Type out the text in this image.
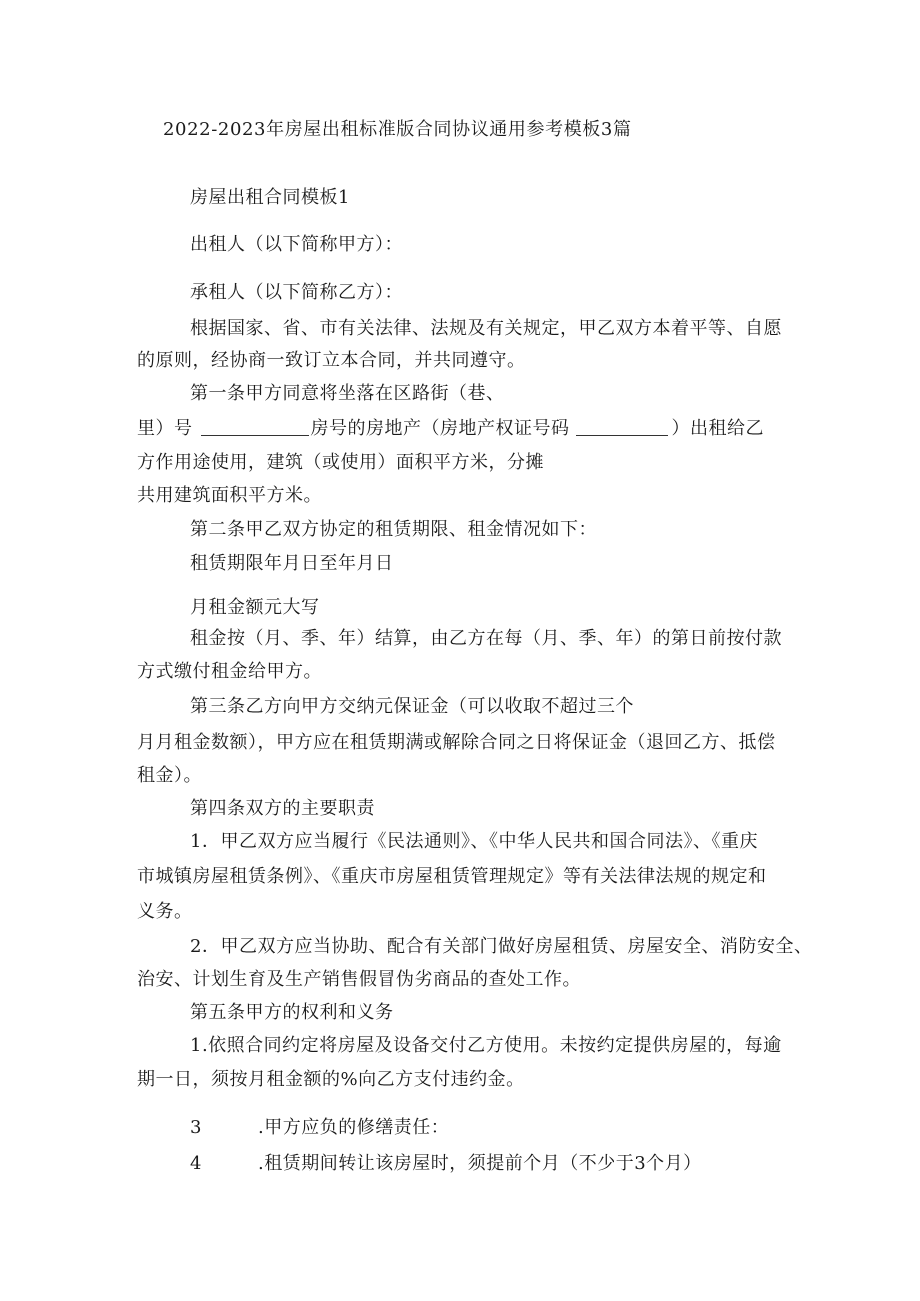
2022-2023年房屋出租标准版合同协议通用参考模板3篇
房屋出租合同模板1
出租人（以下简称甲方）：
承租人（以下简称乙方）：
根据国家、省、市有关法律、法规及有关规定，甲乙双方本着平等、自愿
的原则，经协商一致订立本合同，并共同遵守。
第一条甲方同意将坐落在区路街（巷、
里）号	房号的房地产（房地产权证号码	）出租给乙
方作用途使用，建筑（或使用）面积平方米，分摊
共用建筑面积平方米。
第二条甲乙双方协定的租赁期限、租金情况如下：
租赁期限年月日至年月日
月租金额元大写
租金按（月、季、年）结算，由乙方在每（月、季、年）的第日前按付款
方式缴付租金给甲方。
第三条乙方向甲方交纳元保证金（可以收取不超过三个
月月租金数额），甲方应在租赁期满或解除合同之日将保证金（退回乙方、抵偿
租金）。
第四条双方的主要职责
1．甲乙双方应当履行《民法通则》、《中华人民共和国合同法》、《重庆
市城镇房屋租赁条例》、《重庆市房屋租赁管理规定》等有关法律法规的规定和
义务。
2．甲乙双方应当协助、配合有关部门做好房屋租赁、房屋安全、消防安全、
治安、计划生育及生产销售假冒伪劣商品的查处工作。
第五条甲方的权利和义务
1.依照合同约定将房屋及设备交付乙方使用。未按约定提供房屋的，每逾
期一日，须按月租金额的%向乙方支付违约金。
3	.甲方应负的修缮责任：
4	.租赁期间转让该房屋时，须提前个月（不少于3个月）
